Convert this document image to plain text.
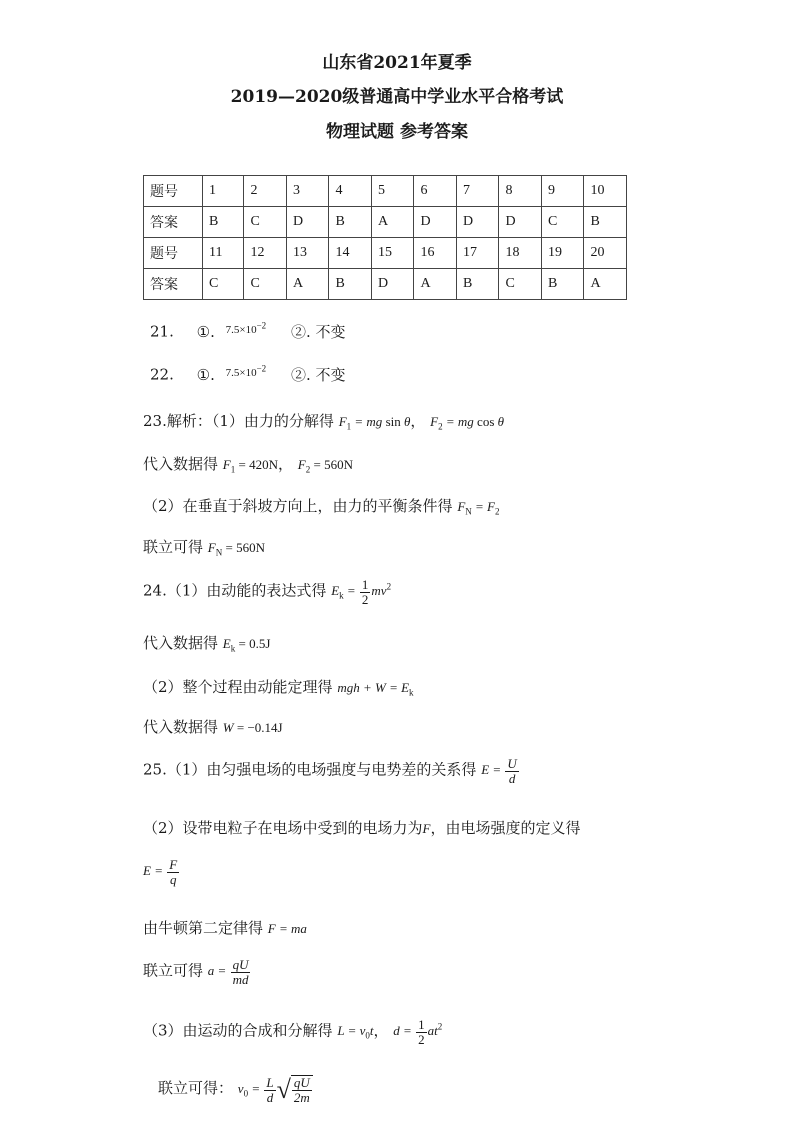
山东省2021年夏季
2019—2020级普通高中学业水平合格考试
物理试题 参考答案
题号	1	2	3	4	5	6	7	8	9	10
答案	B	C	D	B	A	D	D	D	C	B
题号	11	12	13	14	15	16	17	18	19	20
答案	C	C	A	B	D	A	B	C	B	A
21. ①. $^{7.5\times 10^{-2}}$ ②. 不变
22. ①. $^{7.5\times 10^{-2}}$ ②. 不变
23.解析：（1）由力的分解得 $F_1$ = mg sin θ， $F_2$ = mg cos θ
代入数据得 $F_1 = 420N$， $F_2 = 560N$
（2）在垂直于斜坡方向上，由力的平衡条件得 $F_N = F_2$
联立可得 $F_N = 560N$
24.（1）由动能的表达式得 $E_k = \frac{1}{2} mv^2$
代入数据得 $E_k = 0.5J$
（2）整个过程由动能定理得 mgh + $W = E_k$
代入数据得 W = −0.14J
25.（1）由匀强电场的电场强度与电势差的关系得 $E = \frac{U}{d}$
（2）设带电粒子在电场中受到的电场力为F，由电场强度的定义得
$E = \frac{F}{q}$
由牛顿第二定律得 F = ma
联立可得 $a = \frac{qU}{md}$
（3）由运动的合成和分解得 $L = v_0t$， $d = \frac{1}{2} at^2$
联立可得： $v_0 = \frac{L}{d}$ √ $\frac{qU}{2m}$
